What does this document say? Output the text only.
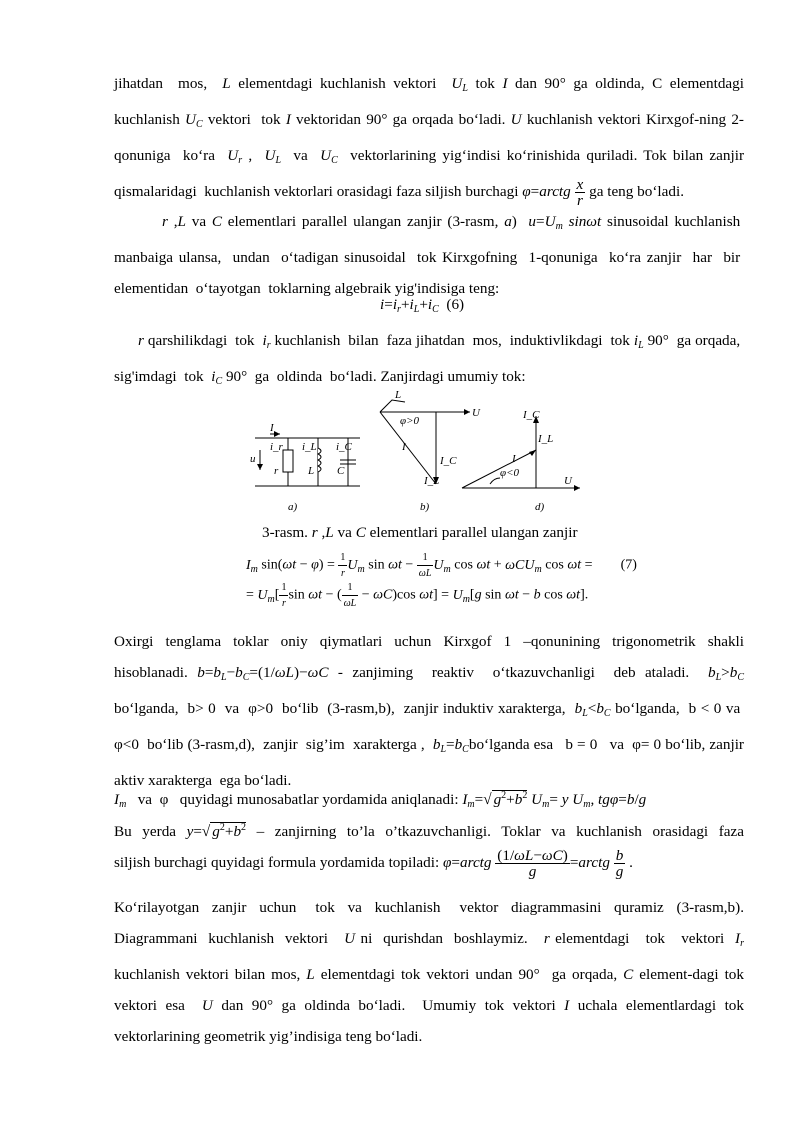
jihatdan  mos,  L elementdagi kuchlanish vektori  $U_L$ tok I dan 90° ga oldinda, C elementdagi kuchlanish $U_C$ vektori  tok I vektoridan 90° ga orqada bo‘ladi. U kuchlanish vektori Kirxgof-ning 2-qonuniga  ko‘ra  $U_r$ ,  $U_L$  va  $U_C$  vektorlarining yig‘indisi ko‘rinishida quriladi. Tok bilan zanjir qismalaridagi  kuchlanish vektorlari orasidagi faza siljish burchagi φ=arctg $\frac{x}{r}$ ga teng bo‘ladi.

r ,L va C elementlari parallel ulangan zanjir (3-rasm, a)  $u=U_m$ sinωt sinusoidal kuchlanish  manbaiga ulansa,  undan  o‘tadigan sinusoidal  tok Kirxgofning  1-qonuniga  ko‘ra zanjir  har  bir  elementidan  o‘tayotgan  toklarning algebraik yig'indisiga teng:

$i=i_r+i_L+i_C$  (6)

r qarshilikdagi  tok  $i_r$ kuchlanish  bilan  faza jihatdan  mos,  induktivlikdagi  tok $i_L$ 90°  ga orqada,  sig'imdagi  tok  $i_C$ 90°  ga  oldinda  bo‘ladi. Zanjirdagi umumiy tok:

I
u
i_r i_L i_C
r	L C
U
φ>0
I
I_C
I_L
L
I_C
I_L
I
φ<0
U
a)	b)	d)
3-rasm. r ,L va C elementlari parallel ulangan zanjir
$I_m$ $\sin(\omega t - \varphi) = \frac{1}{r} U_m$ $\sin \omega t - \frac{1}{\omega L} U_m$ cos ωt + ωCU$_m$ cos ωt =        (7)
= $U_m[ \frac{1}{r}$ sin ωt − ( $\frac{1}{\omega L} - \omega C)\cos$ $\omega t] = U_m[g$ sin ωt − b cos ωt].

Oxirgi  tenglama  toklar  oniy  qiymatlari  uchun  Kirxgof  1  –qonunining  trigonometrik  shakli hisoblanadi. $b=b_L-b_C=(1/\omega L)-\omega C$ - zanjiming  reaktiv  o‘tkazuvchanligi  deb ataladi.  $b_L>b_C$ bo‘lganda,  b> 0  va  φ>0  bo‘lib  (3-rasm,b),  zanjir induktiv xarakterga,  $b_L<b_C$ bo‘lganda,  b < 0 va  φ<0  bo‘lib (3-rasm,d),  zanjir  sig’im  xarakterga ,  $b_L=b_Cbo‘lganda$ esa   b = 0   va  φ= 0 bo‘lib, zanjir aktiv xarakterga  ega bo‘ladi.

$I_m$   va  φ   quyidagi munosabatlar yordamida aniqlanadi: $I_m=√$ $g^2+b^2$ $U_m= y$ $U_m$, tgφ=b/g

Bu  yerda  y=√ $g^2+b^2$  –  zanjirning  to’la  o’tkazuvchanligi.  Toklar  va  kuchlanish  orasidagi  faza siljish burchagi quyidagi formula yordamida topiladi: φ=arctg $\frac{(1/\omega L-\omega C)}{g}$ =arctg $\frac{b}{g}$ .

Ko‘rilayotgan  zanjir  uchun   tok  va  kuchlanish   vektor  diagrammasini  quramiz  (3-rasm,b). Diagrammani  kuchlanish  vektori   U ni  qurishdan  boshlaymiz.   r elementdagi   tok   vektori  $I_r$ kuchlanish vektori bilan mos, L elementdagi tok vektori undan 90°  ga orqada, C element-dagi tok vektori esa  U dan 90° ga oldinda bo‘ladi.  Umumiy tok vektori I uchala elementlardagi tok vektorlarining geometrik yig’indisiga teng bo‘ladi.
